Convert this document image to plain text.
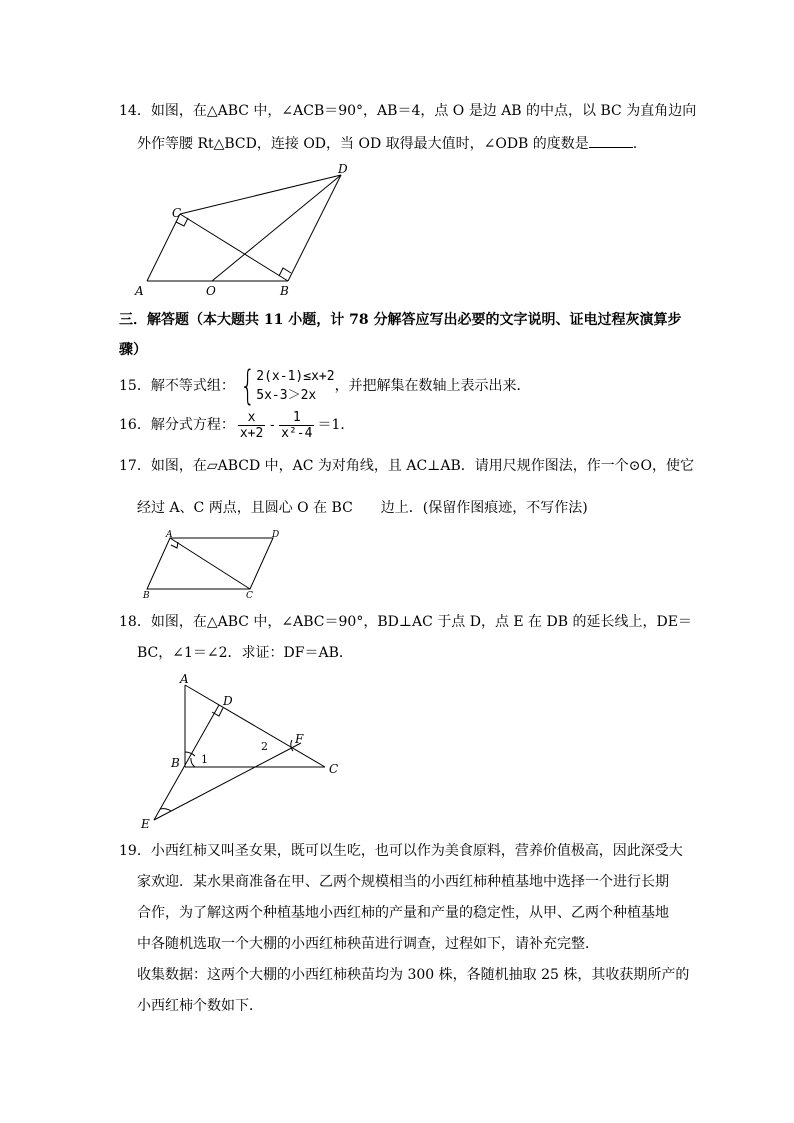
14．如图，在△ABC 中，∠ACB＝90°，AB＝4，点 O 是边 AB 的中点，以 BC 为直角边向
外作等腰 Rt△BCD，连接 OD，当 OD 取得最大值时，∠ODB 的度数是	.
A	O	B
C
D
三．解答题（本大题共 11 小题，计 78 分解答应写出必要的文字说明、证电过程灰演算步
骤）
15．解不等式组： { 2(x-1)≤x+2
5x-3＞2x
，并把解集在数轴上表示出来．
16．解分式方程： $\frac{x}{x+2} - \frac{1}{\text{x²-4}} =1$．
17．如图，在▱ABCD 中，AC 为对角线，且 AC⊥AB．请用尺规作图法，作一个⊙O，使它
经过 A、C 两点，且圆心 O 在 BC　　边上．(保留作图痕迹，不写作法)
A	D
B	C
18．如图，在△ABC 中，∠ABC＝90°，BD⊥AC 于点 D，点 E 在 DB 的延长线上，DE＝
BC，∠1＝∠2．求证：DF＝AB．
A
D
B	C
F
E
1
2
19．小西红柿又叫圣女果，既可以生吃，也可以作为美食原料，营养价值极高，因此深受大
家欢迎．某水果商准备在甲、乙两个规模相当的小西红柿种植基地中选择一个进行长期
合作，为了解这两个种植基地小西红柿的产量和产量的稳定性，从甲、乙两个种植基地
中各随机选取一个大棚的小西红柿秧苗进行调查，过程如下，请补充完整．
收集数据：这两个大棚的小西红柿秧苗均为 300 株，各随机抽取 25 株，其收获期所产的
小西红柿个数如下．
